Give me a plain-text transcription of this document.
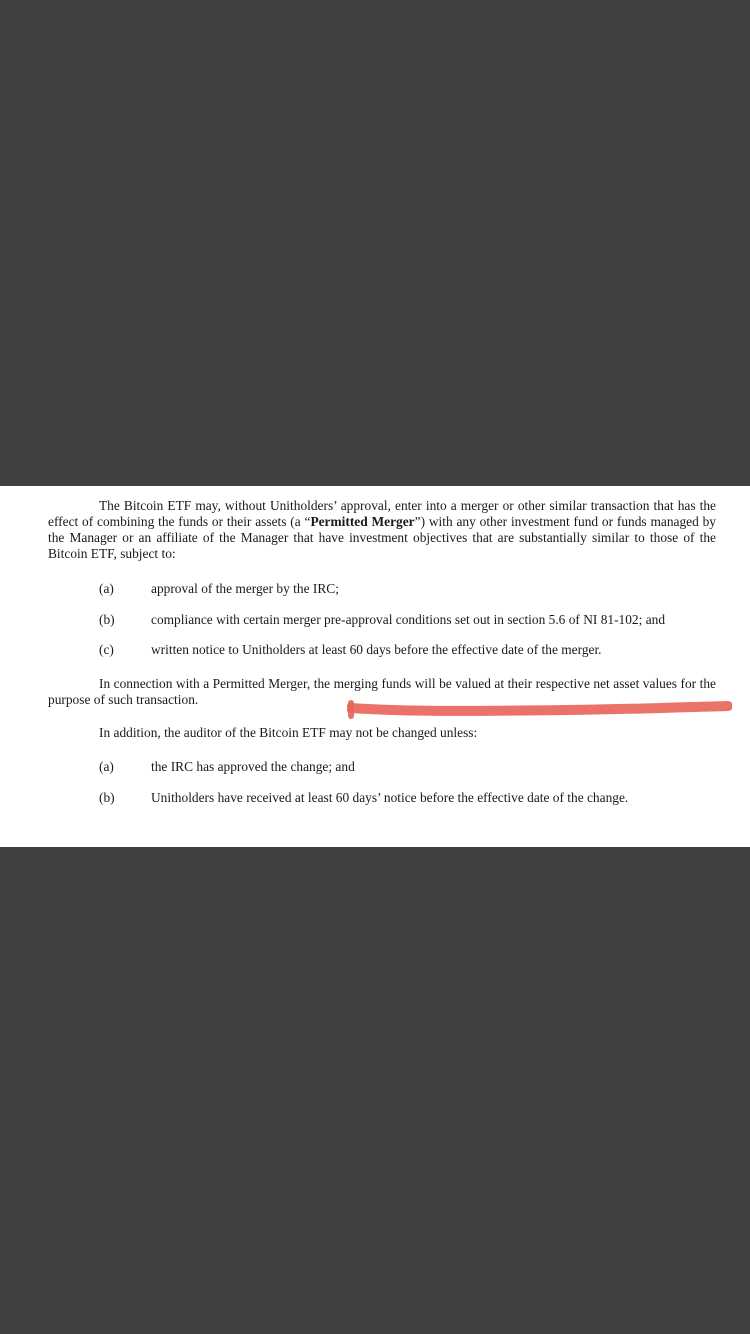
The Bitcoin ETF may, without Unitholders’ approval, enter into a merger or other similar transaction that has the effect of combining the funds or their assets (a “Permitted Merger”) with any other investment fund or funds managed by the Manager or an affiliate of the Manager that have investment objectives that are substantially similar to those of the Bitcoin ETF, subject to:

(a)	approval of the merger by the IRC;
(b)	compliance with certain merger pre-approval conditions set out in section 5.6 of NI 81-102; and
(c)	written notice to Unitholders at least 60 days before the effective date of the merger.

In connection with a Permitted Merger, the merging funds will be valued at their respective net asset values for the purpose of such transaction.

In addition, the auditor of the Bitcoin ETF may not be changed unless:

(a)	the IRC has approved the change; and
(b)	Unitholders have received at least 60 days’ notice before the effective date of the change.
